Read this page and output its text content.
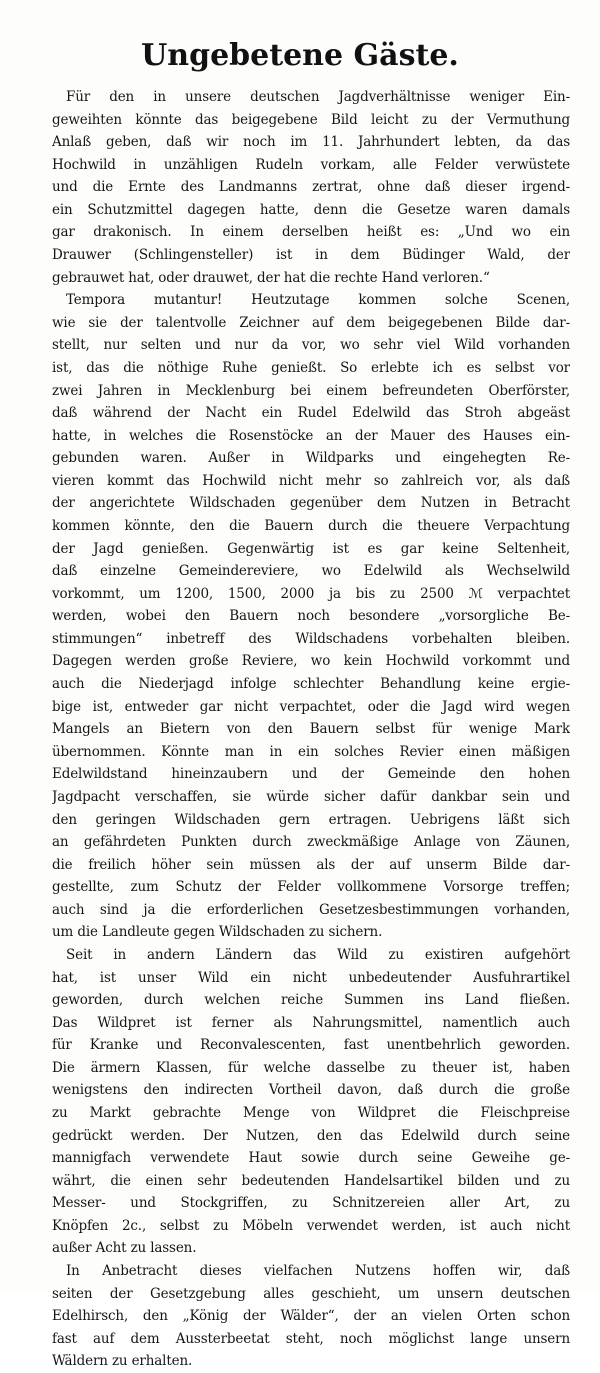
Ungebetene Gäste.
Für den in unsere deutschen Jagdverhältnisse weniger Ein-
geweihten könnte das beigegebene Bild leicht zu der Vermuthung
Anlaß geben, daß wir noch im 11. Jahrhundert lebten, da das
Hochwild in unzähligen Rudeln vorkam, alle Felder verwüstete
und die Ernte des Landmanns zertrat, ohne daß dieser irgend-
ein Schutzmittel dagegen hatte, denn die Gesetze waren damals
gar drakonisch. In einem derselben heißt es: „Und wo ein
Drauwer (Schlingensteller) ist in dem Büdinger Wald, der
gebrauwet hat, oder drauwet, der hat die rechte Hand verloren.“
Tempora mutantur! Heutzutage kommen solche Scenen,
wie sie der talentvolle Zeichner auf dem beigegebenen Bilde dar-
stellt, nur selten und nur da vor, wo sehr viel Wild vorhanden
ist, das die nöthige Ruhe genießt. So erlebte ich es selbst vor
zwei Jahren in Mecklenburg bei einem befreundeten Oberförster,
daß während der Nacht ein Rudel Edelwild das Stroh abgeäst
hatte, in welches die Rosenstöcke an der Mauer des Hauses ein-
gebunden waren. Außer in Wildparks und eingehegten Re-
vieren kommt das Hochwild nicht mehr so zahlreich vor, als daß
der angerichtete Wildschaden gegenüber dem Nutzen in Betracht
kommen könnte, den die Bauern durch die theuere Verpachtung
der Jagd genießen. Gegenwärtig ist es gar keine Seltenheit,
daß einzelne Gemeindereviere, wo Edelwild als Wechselwild
vorkommt, um 1200, 1500, 2000 ja bis zu 2500 ℳ verpachtet
werden, wobei den Bauern noch besondere „vorsorgliche Be-
stimmungen“ inbetreff des Wildschadens vorbehalten bleiben.
Dagegen werden große Reviere, wo kein Hochwild vorkommt und
auch die Niederjagd infolge schlechter Behandlung keine ergie-
bige ist, entweder gar nicht verpachtet, oder die Jagd wird wegen
Mangels an Bietern von den Bauern selbst für wenige Mark
übernommen. Könnte man in ein solches Revier einen mäßigen
Edelwildstand hineinzaubern und der Gemeinde den hohen
Jagdpacht verschaffen, sie würde sicher dafür dankbar sein und
den geringen Wildschaden gern ertragen. Uebrigens läßt sich
an gefährdeten Punkten durch zweckmäßige Anlage von Zäunen,
die freilich höher sein müssen als der auf unserm Bilde dar-
gestellte, zum Schutz der Felder vollkommene Vorsorge treffen;
auch sind ja die erforderlichen Gesetzesbestimmungen vorhanden,
um die Landleute gegen Wildschaden zu sichern.
Seit in andern Ländern das Wild zu existiren aufgehört
hat, ist unser Wild ein nicht unbedeutender Ausfuhrartikel
geworden, durch welchen reiche Summen ins Land fließen.
Das Wildpret ist ferner als Nahrungsmittel, namentlich auch
für Kranke und Reconvalescenten, fast unentbehrlich geworden.
Die ärmern Klassen, für welche dasselbe zu theuer ist, haben
wenigstens den indirecten Vortheil davon, daß durch die große
zu Markt gebrachte Menge von Wildpret die Fleischpreise
gedrückt werden. Der Nutzen, den das Edelwild durch seine
mannigfach verwendete Haut sowie durch seine Geweihe ge-
währt, die einen sehr bedeutenden Handelsartikel bilden und zu
Messer- und Stockgriffen, zu Schnitzereien aller Art, zu
Knöpfen 2c., selbst zu Möbeln verwendet werden, ist auch nicht
außer Acht zu lassen.
In Anbetracht dieses vielfachen Nutzens hoffen wir, daß
seiten der Gesetzgebung alles geschieht, um unsern deutschen
Edelhirsch, den „König der Wälder“, der an vielen Orten schon
fast auf dem Aussterbeetat steht, noch möglichst lange unsern
Wäldern zu erhalten.
